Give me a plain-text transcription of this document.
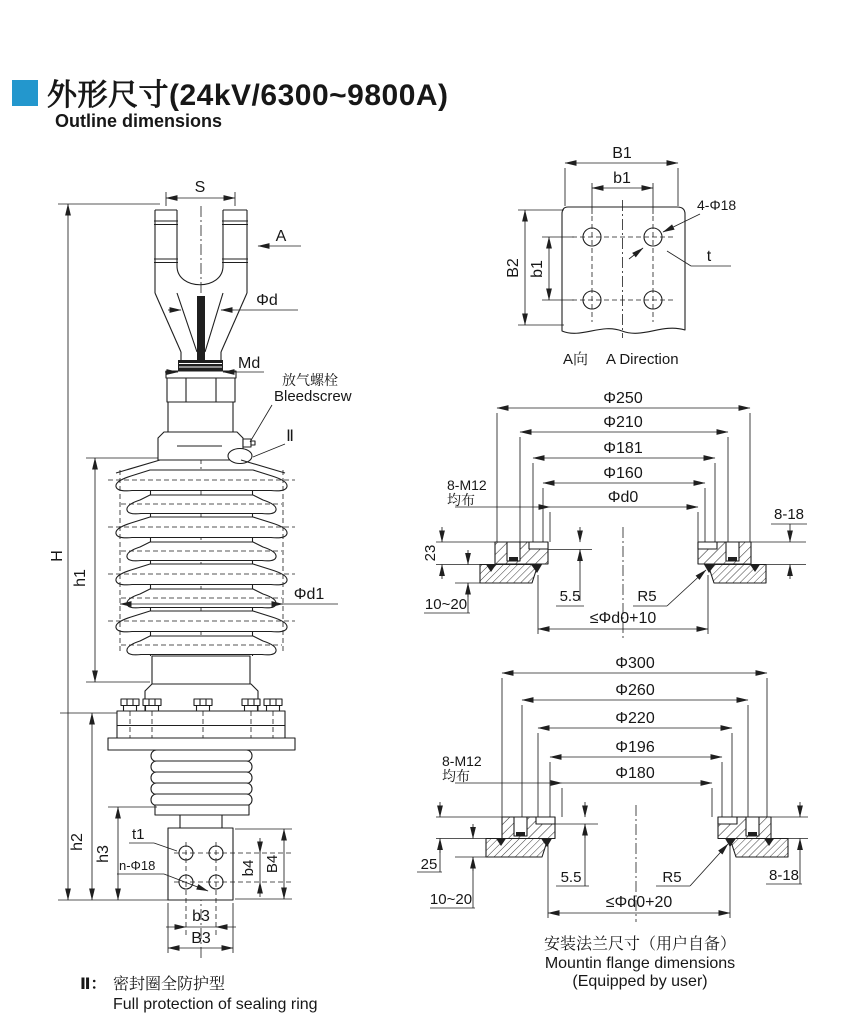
外形尺寸(24kV/6300~9800A)
Outline dimensions
S
A
Φd
Md
放气螺栓
Bleedscrew
Ⅱ
H
h1
Φd1
h2
h3
t1
n-Φ18	b4 B4
b3
B3
Ⅱ： 密封圈全防护型
Full protection of sealing ring
B1
b1
4-Φ18
t
B2 b1
A向 A Direction
Φ250
Φ210
Φ181
Φ160
Φd0
8-M12
均布
23
10~20	5.5	R5
8-18
≤Φd0+10
Φ300
Φ260
Φ220
Φ196
Φ180
8-M12
均布
25
10~20
5.5	R5	8-18
≤Φd0+20
安装法兰尺寸（用户自备）
Mountin flange dimensions
(Equipped by user)
